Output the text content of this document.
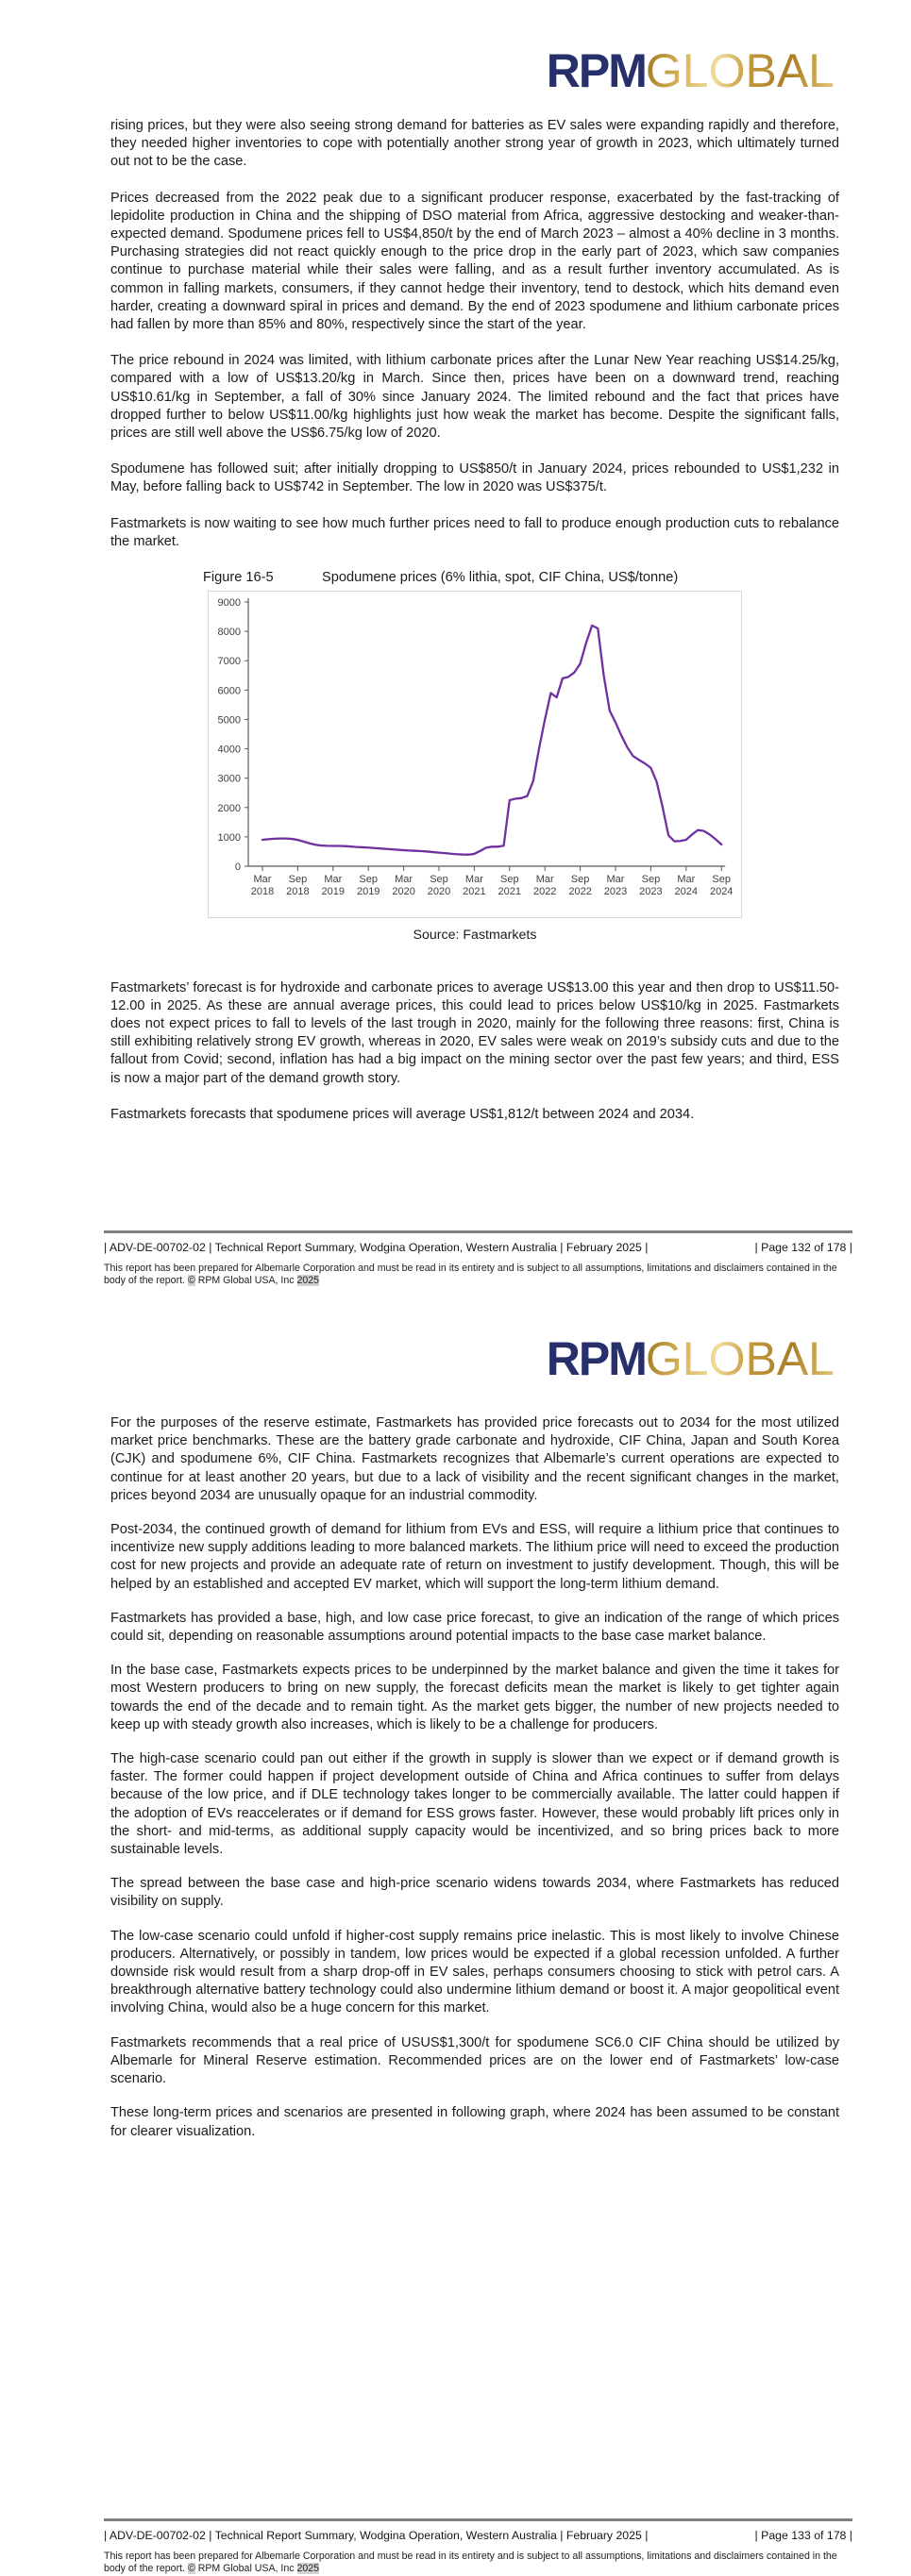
RPMGLOBAL

rising prices, but they were also seeing strong demand for batteries as EV sales were expanding rapidly and therefore, they needed higher inventories to cope with potentially another strong year of growth in 2023, which ultimately turned out not to be the case.

Prices decreased from the 2022 peak due to a significant producer response, exacerbated by the fast-tracking of lepidolite production in China and the shipping of DSO material from Africa, aggressive destocking and weaker-than-expected demand. Spodumene prices fell to US$4,850/t by the end of March 2023 – almost a 40% decline in 3 months. Purchasing strategies did not react quickly enough to the price drop in the early part of 2023, which saw companies continue to purchase material while their sales were falling, and as a result further inventory accumulated. As is common in falling markets, consumers, if they cannot hedge their inventory, tend to destock, which hits demand even harder, creating a downward spiral in prices and demand. By the end of 2023 spodumene and lithium carbonate prices had fallen by more than 85% and 80%, respectively since the start of the year.

The price rebound in 2024 was limited, with lithium carbonate prices after the Lunar New Year reaching US$14.25/kg, compared with a low of US$13.20/kg in March. Since then, prices have been on a downward trend, reaching US$10.61/kg in September, a fall of 30% since January 2024. The limited rebound and the fact that prices have dropped further to below US$11.00/kg highlights just how weak the market has become. Despite the significant falls, prices are still well above the US$6.75/kg low of 2020.

Spodumene has followed suit; after initially dropping to US$850/t in January 2024, prices rebounded to US$1,232 in May, before falling back to US$742 in September. The low in 2020 was US$375/t.

Fastmarkets is now waiting to see how much further prices need to fall to produce enough production cuts to rebalance the market.

Figure 16-5	Spodumene prices (6% lithia, spot, CIF China, US$/tonne)
0
1000
2000
3000
4000
5000
6000
7000
8000
9000
Mar 2018
Sep 2018
Mar 2019
Sep 2019
Mar 2020
Sep 2020
Mar 2021
Sep 2021
Mar 2022
Sep 2022
Mar 2023
Sep 2023
Mar 2024
Sep 2024
Source: Fastmarkets

Fastmarkets’ forecast is for hydroxide and carbonate prices to average US$13.00 this year and then drop to US$11.50-12.00 in 2025. As these are annual average prices, this could lead to prices below US$10/kg in 2025. Fastmarkets does not expect prices to fall to levels of the last trough in 2020, mainly for the following three reasons: first, China is still exhibiting relatively strong EV growth, whereas in 2020, EV sales were weak on 2019’s subsidy cuts and due to the fallout from Covid; second, inflation has had a big impact on the mining sector over the past few years; and third, ESS is now a major part of the demand growth story.

Fastmarkets forecasts that spodumene prices will average US$1,812/t between 2024 and 2034.

| ADV-DE-00702-02 | Technical Report Summary, Wodgina Operation, Western Australia | February 2025 |	| Page 132 of 178 |
This report has been prepared for Albemarle Corporation and must be read in its entirety and is subject to all assumptions, limitations and disclaimers contained in the body of the report. © RPM Global USA, Inc 2025
RPMGLOBAL

For the purposes of the reserve estimate, Fastmarkets has provided price forecasts out to 2034 for the most utilized market price benchmarks. These are the battery grade carbonate and hydroxide, CIF China, Japan and South Korea (CJK) and spodumene 6%, CIF China. Fastmarkets recognizes that Albemarle’s current operations are expected to continue for at least another 20 years, but due to a lack of visibility and the recent significant changes in the market, prices beyond 2034 are unusually opaque for an industrial commodity.

Post-2034, the continued growth of demand for lithium from EVs and ESS, will require a lithium price that continues to incentivize new supply additions leading to more balanced markets. The lithium price will need to exceed the production cost for new projects and provide an adequate rate of return on investment to justify development. Though, this will be helped by an established and accepted EV market, which will support the long-term lithium demand.

Fastmarkets has provided a base, high, and low case price forecast, to give an indication of the range of which prices could sit, depending on reasonable assumptions around potential impacts to the base case market balance.

In the base case, Fastmarkets expects prices to be underpinned by the market balance and given the time it takes for most Western producers to bring on new supply, the forecast deficits mean the market is likely to get tighter again towards the end of the decade and to remain tight. As the market gets bigger, the number of new projects needed to keep up with steady growth also increases, which is likely to be a challenge for producers.

The high-case scenario could pan out either if the growth in supply is slower than we expect or if demand growth is faster. The former could happen if project development outside of China and Africa continues to suffer from delays because of the low price, and if DLE technology takes longer to be commercially available. The latter could happen if the adoption of EVs reaccelerates or if demand for ESS grows faster. However, these would probably lift prices only in the short- and mid-terms, as additional supply capacity would be incentivized, and so bring prices back to more sustainable levels.

The spread between the base case and high-price scenario widens towards 2034, where Fastmarkets has reduced visibility on supply.

The low-case scenario could unfold if higher-cost supply remains price inelastic. This is most likely to involve Chinese producers. Alternatively, or possibly in tandem, low prices would be expected if a global recession unfolded. A further downside risk would result from a sharp drop-off in EV sales, perhaps consumers choosing to stick with petrol cars. A breakthrough alternative battery technology could also undermine lithium demand or boost it. A major geopolitical event involving China, would also be a huge concern for this market.

Fastmarkets recommends that a real price of USUS$1,300/t for spodumene SC6.0 CIF China should be utilized by Albemarle for Mineral Reserve estimation. Recommended prices are on the lower end of Fastmarkets’ low-case scenario.

These long-term prices and scenarios are presented in following graph, where 2024 has been assumed to be constant for clearer visualization.

| ADV-DE-00702-02 | Technical Report Summary, Wodgina Operation, Western Australia | February 2025 |	| Page 133 of 178 |
This report has been prepared for Albemarle Corporation and must be read in its entirety and is subject to all assumptions, limitations and disclaimers contained in the body of the report. © RPM Global USA, Inc 2025
